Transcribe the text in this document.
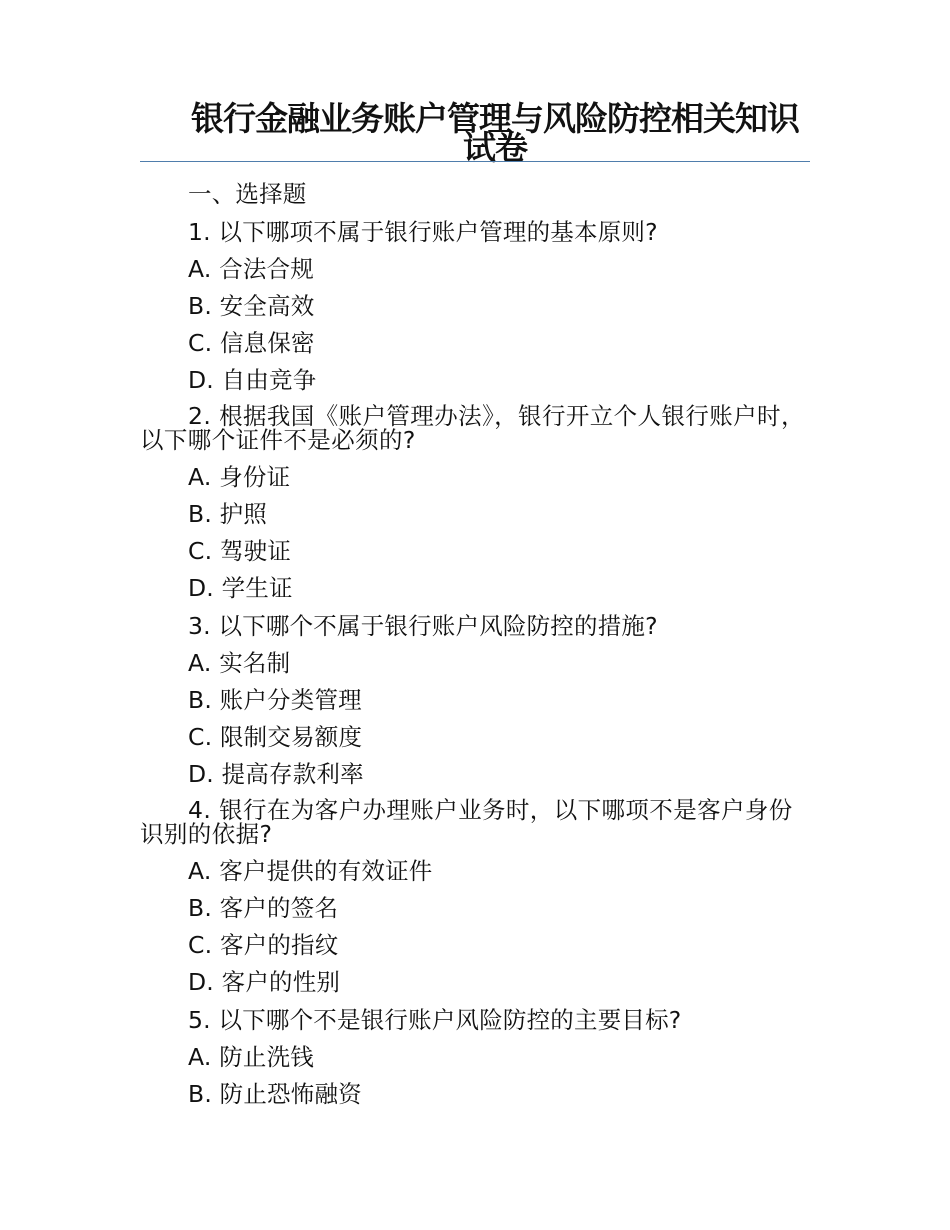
银行金融业务账户管理与风险防控相关知识试卷
一、选择题
1. 以下哪项不属于银行账户管理的基本原则?
A. 合法合规
B. 安全高效
C. 信息保密
D. 自由竞争
2. 根据我国《账户管理办法》，银行开立个人银行账户时，以下哪个证件不是必须的?
A. 身份证
B. 护照
C. 驾驶证
D. 学生证
3. 以下哪个不属于银行账户风险防控的措施?
A. 实名制
B. 账户分类管理
C. 限制交易额度
D. 提高存款利率
4. 银行在为客户办理账户业务时，以下哪项不是客户身份识别的依据?
A. 客户提供的有效证件
B. 客户的签名
C. 客户的指纹
D. 客户的性别
5. 以下哪个不是银行账户风险防控的主要目标?
A. 防止洗钱
B. 防止恐怖融资
